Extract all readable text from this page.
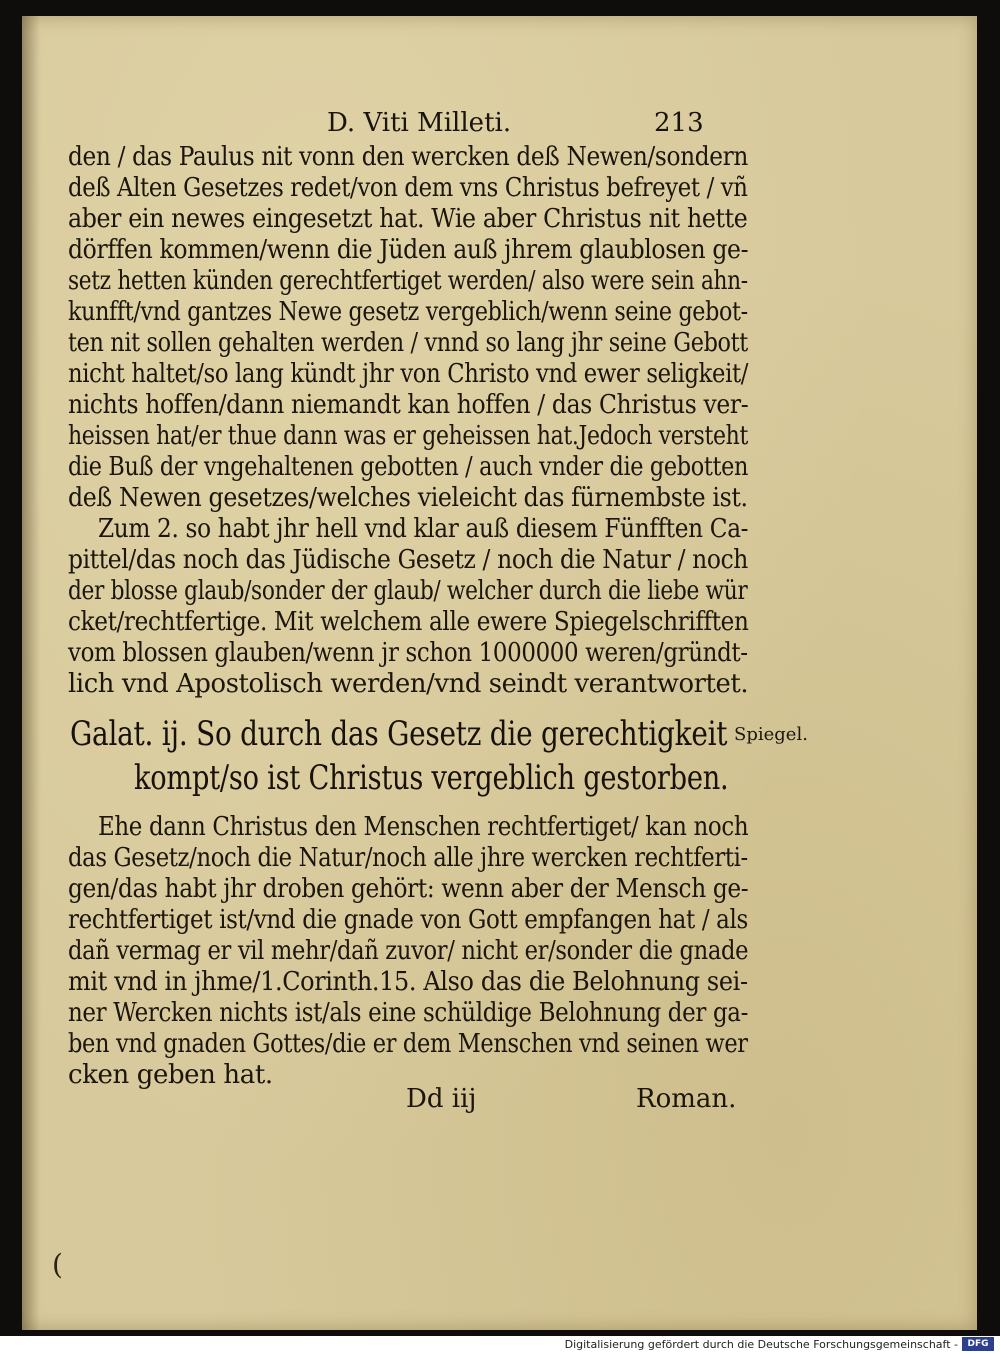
D. Viti Milleti.	213
den / das Paulus nit vonn den wercken deß Newen/sondern
deß Alten Gesetzes redet/von dem vns Christus befreyet / vñ
aber ein newes eingesetzt hat. Wie aber Christus nit hette
dörffen kommen/wenn die Jüden auß jhrem glaublosen ge-
setz hetten künden gerechtfertiget werden/ also were sein ahn-
kunfft/vnd gantzes Newe gesetz vergeblich/wenn seine gebot-
ten nit sollen gehalten werden / vnnd so lang jhr seine Gebott
nicht haltet/so lang kündt jhr von Christo vnd ewer seligkeit/
nichts hoffen/dann niemandt kan hoffen / das Christus ver-
heissen hat/er thue dann was er geheissen hat.Jedoch versteht
die Buß der vngehaltenen gebotten / auch vnder die gebotten
deß Newen gesetzes/welches vieleicht das fürnembste ist.
Zum 2. so habt jhr hell vnd klar auß diesem Fünfften Ca-
pittel/das noch das Jüdische Gesetz / noch die Natur / noch
der blosse glaub/sonder der glaub/ welcher durch die liebe wür
cket/rechtfertige. Mit welchem alle ewere Spiegelschrifften
vom blossen glauben/wenn jr schon 1000000 weren/gründt-
lich vnd Apostolisch werden/vnd seindt verantwortet.
Galat. ij. So durch das Gesetz die gerechtigkeit
kompt/so ist Christus vergeblich gestorben.
Spiegel.
Ehe dann Christus den Menschen rechtfertiget/ kan noch
das Gesetz/noch die Natur/noch alle jhre wercken rechtferti-
gen/das habt jhr droben gehört: wenn aber der Mensch ge-
rechtfertiget ist/vnd die gnade von Gott empfangen hat / als
dañ vermag er vil mehr/dañ zuvor/ nicht er/sonder die gnade
mit vnd in jhme/1.Corinth.15. Also das die Belohnung sei-
ner Wercken nichts ist/als eine schüldige Belohnung der ga-
ben vnd gnaden Gottes/die er dem Menschen vnd seinen wer
cken geben hat.
Dd iij	Roman.
(
Digitalisierung gefördert durch die Deutsche Forschungsgemeinschaft -	DFG
